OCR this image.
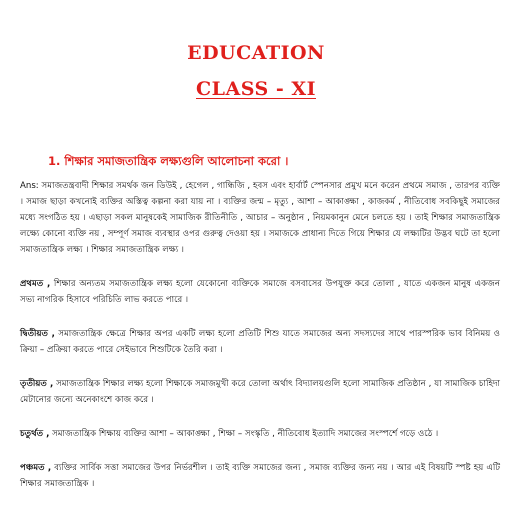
EDUCATION
CLASS - XI
1. শিক্ষার সমাজতান্ত্রিক লক্ষ্যগুলি আলোচনা করো ।

Ans: সমাজতন্ত্রবাদী শিক্ষার সমর্থক জন ডিউই , হেগেল , গান্ধিজি , হবস এবং হার্বার্ট স্পেনসার প্রমুখ মনে করেন প্রথমে সমাজ , তারপর ব্যক্তি । সমাজ ছাড়া কখনোই ব্যক্তির অস্তিত্ব কল্পনা করা যায় না । ব্যক্তির জন্ম – মৃত্যু , আশা – আকাঙ্ক্ষা , কাজকর্ম , নীতিবোধ সবকিছুই সমাজের মধ্যে সংগঠিত হয় । এছাড়া সকল মানুষকেই সামাজিক রীতিনীতি , আচার – অনুষ্ঠান , নিয়মকানুন মেনে চলতে হয় । তাই শিক্ষার সমাজতান্ত্রিক লক্ষ্যে কোনো ব্যক্তি নয় , সম্পূর্ণ সমাজ ব্যবস্থার ওপর গুরুত্ব দেওয়া হয় । সমাজকে প্রাধান্য দিতে গিয়ে শিক্ষার যে লক্ষ্যটির উদ্ভব ঘটে তা হলো সমাজতান্ত্রিক লক্ষ্য । শিক্ষার সমাজতান্ত্রিক লক্ষ্য ।

প্রথমত , শিক্ষার অন্যতম সমাজতান্ত্রিক লক্ষ্য হলো যেকোনো ব্যক্তিকে সমাজে বসবাসের উপযুক্ত করে তোলা , যাতে একজন মানুষ একজন সভ্য নাগরিক হিসাবে পরিচিতি লাভ করতে পারে ।

দ্বিতীয়ত , সমাজতান্ত্রিক ক্ষেত্রে শিক্ষার অপর একটি লক্ষ্য হলো প্রতিটি শিশু যাতে সমাজের অন্য সদস্যদের সাথে পারস্পরিক ভাব বিনিময় ও ক্রিয়া – প্রক্রিয়া করতে পারে সেইভাবে শিশুটিকে তৈরি করা ।

তৃতীয়ত , সমাজতান্ত্রিক শিক্ষার লক্ষ্য হলো শিক্ষাকে সমাজমুখী করে তোলা অর্থাৎ বিদ্যালয়গুলি হলো সামাজিক প্রতিষ্ঠান , যা সামাজিক চাহিদা মেটানোর জন্যে অনেকাংশে কাজ করে ।

চতুর্থত , সমাজতান্ত্রিক শিক্ষায় ব্যক্তির আশা – আকাঙ্ক্ষা , শিক্ষা – সংস্কৃতি , নীতিবোধ ইত্যাদি সমাজের সংস্পর্শে গড়ে ওঠে ।

পঞ্চমত , ব্যক্তির সার্বিক সত্তা সমাজের উপর নির্ভরশীল । তাই ব্যক্তি সমাজের জন্য , সমাজ ব্যক্তির জন্য নয় । আর এই বিষয়টি স্পষ্ট হয় এটি শিক্ষার সমাজতান্ত্রিক ।
